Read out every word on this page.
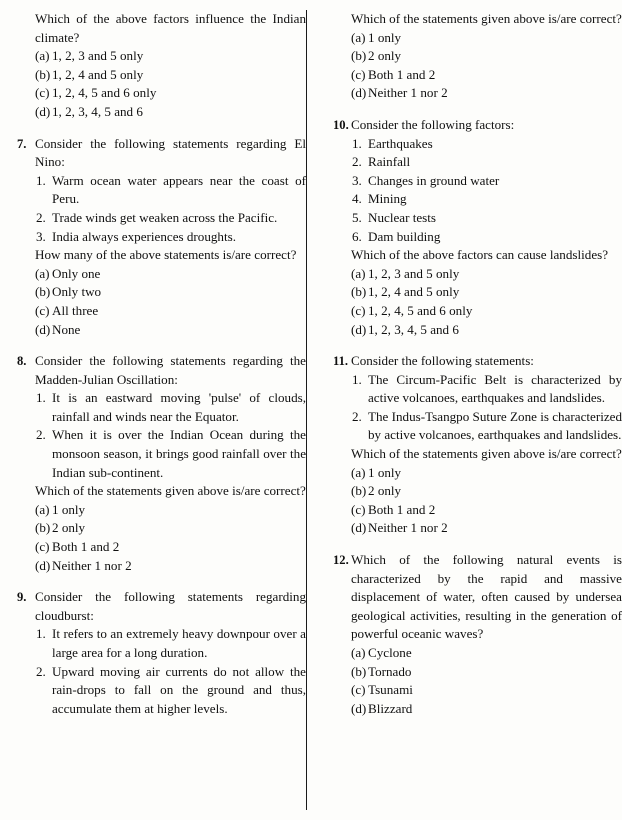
Which of the above factors influence the Indian climate?

(a) 1, 2, 3 and 5 only
(b) 1, 2, 4 and 5 only
(c) 1, 2, 4, 5 and 6 only
(d) 1, 2, 3, 4, 5 and 6
7. Consider the following statements regarding El Nino:

1. Warm ocean water appears near the coast of Peru.
2. Trade winds get weaken across the Pacific.
3. India always experiences droughts.

How many of the above statements is/are correct?

(a) Only one
(b) Only two
(c) All three
(d) None
8. Consider the following statements regarding the Madden-Julian Oscillation:

1. It is an eastward moving 'pulse' of clouds, rainfall and winds near the Equator.
2. When it is over the Indian Ocean during the monsoon season, it brings good rainfall over the Indian sub-continent.

Which of the statements given above is/are correct?

(a) 1 only
(b) 2 only
(c) Both 1 and 2
(d) Neither 1 nor 2
9. Consider the following statements regarding cloudburst:

1. It refers to an extremely heavy downpour over a large area for a long duration.
2. Upward moving air currents do not allow the rain-drops to fall on the ground and thus, accumulate them at higher levels.

Which of the statements given above is/are correct?

(a) 1 only
(b) 2 only
(c) Both 1 and 2
(d) Neither 1 nor 2
10. Consider the following factors:

1. Earthquakes
2. Rainfall
3. Changes in ground water
4. Mining
5. Nuclear tests
6. Dam building

Which of the above factors can cause landslides?

(a) 1, 2, 3 and 5 only
(b) 1, 2, 4 and 5 only
(c) 1, 2, 4, 5 and 6 only
(d) 1, 2, 3, 4, 5 and 6
11. Consider the following statements:

1. The Circum-Pacific Belt is characterized by active volcanoes, earthquakes and landslides.
2. The Indus-Tsangpo Suture Zone is characterized by active volcanoes, earthquakes and landslides.

Which of the statements given above is/are correct?

(a) 1 only
(b) 2 only
(c) Both 1 and 2
(d) Neither 1 nor 2
12. Which of the following natural events is characterized by the rapid and massive displacement of water, often caused by undersea geological activities, resulting in the generation of powerful oceanic waves?

(a) Cyclone
(b) Tornado
(c) Tsunami
(d) Blizzard
